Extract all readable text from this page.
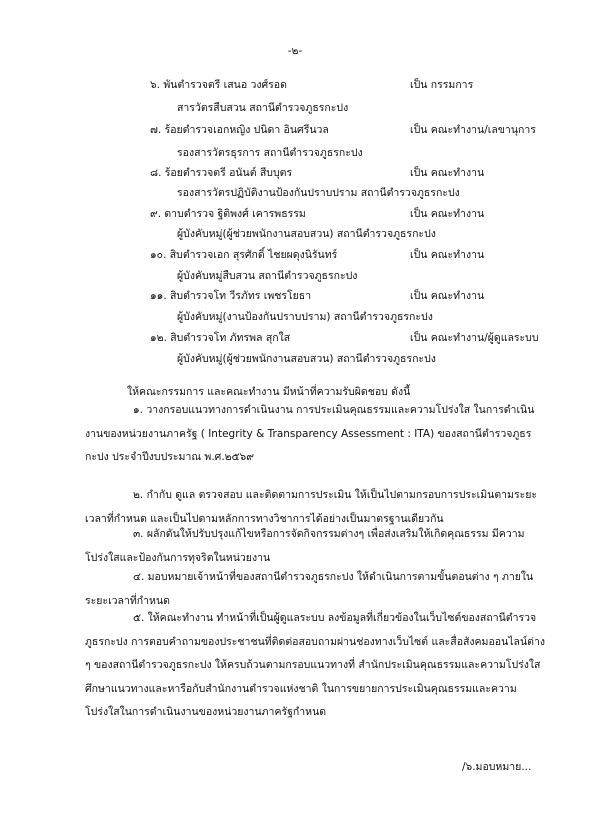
-๒-
๖. พันตำรวจตรี เสนอ วงศ์รอด	เป็น กรรมการ
สารวัตรสืบสวน สถานีตำรวจภูธรกะปง
๗. ร้อยตำรวจเอกหญิง ปนิดา อินศรีนวล	เป็น คณะทำงาน/เลขานุการ
รองสารวัตรธุรการ สถานีตำรวจภูธรกะปง
๘. ร้อยตำรวจตรี อนันต์ สีบบุตร	เป็น คณะทำงาน
รองสารวัตรปฏิบัติงานป้องกันปราบปราม สถานีตำรวจภูธรกะปง
๙. ดาบตำรวจ ฐิติพงศ์ เคารพธรรม	เป็น คณะทำงาน
ผู้บังคับหมู่(ผู้ช่วยพนักงานสอบสวน) สถานีตำรวจภูธรกะปง
๑๐. สิบตำรวจเอก สุรศักดิ์ ไชยผดุงนิรันทร์	เป็น คณะทำงาน
ผู้บังคับหมู่สืบสวน สถานีตำรวจภูธรกะปง
๑๑. สิบตำรวจโท วีรภัทร เพชรโยธา	เป็น คณะทำงาน
ผู้บังคับหมู่(งานป้องกันปราบปราม) สถานีตำรวจภูธรกะปง
๑๒. สิบตำรวจโท ภัทรพล สุกใส	เป็น คณะทำงาน/ผู้ดูแลระบบ
ผู้บังคับหมู่(ผู้ช่วยพนักงานสอบสวน) สถานีตำรวจภูธรกะปง
ให้คณะกรรมการ และคณะทำงาน มีหน้าที่ความรับผิดชอบ ดังนี้
๑. วางกรอบแนวทางการดำเนินงาน การประเมินคุณธรรมและความโปร่งใส ในการดำเนินงานของหน่วยงานภาครัฐ ( Integrity & Transparency Assessment : ITA) ของสถานีตำรวจภูธรกะปง ประจำปีงบประมาณ พ.ศ.๒๕๖๙
๒. กำกับ ดูแล ตรวจสอบ และติดตามการประเมิน ให้เป็นไปตามกรอบการประเมินตามระยะเวลาที่กำหนด และเป็นไปตามหลักการทางวิชาการได้อย่างเป็นมาตรฐานเดียวกัน
๓. ผลักดันให้ปรับปรุงแก้ไขหรือการจัดกิจกรรมต่างๆ เพื่อส่งเสริมให้เกิดคุณธรรม มีความโปร่งใสและป้องกันการทุจริตในหน่วยงาน
๔. มอบหมายเจ้าหน้าที่ของสถานีตำรวจภูธรกะปง ให้ดำเนินการตามขั้นตอนต่าง ๆ ภายในระยะเวลาที่กำหนด
๕. ให้คณะทำงาน ทำหน้าที่เป็นผู้ดูแลระบบ ลงข้อมูลที่เกี่ยวข้องในเว็บไซต์ของสถานีตำรวจภูธรกะปง การตอบคำถามของประชาชนที่ติดต่อสอบถามผ่านช่องทางเว็บไซต์ และสื่อสังคมออนไลน์ต่าง ๆ ของสถานีตำรวจภูธรกะปง ให้ครบถ้วนตามกรอบแนวทางที่ สำนักประเมินคุณธรรมและความโปร่งใส ศึกษาแนวทางและหารือกับสำนักงานตำรวจแห่งชาติ ในการขยายการประเมินคุณธรรมและความโปร่งใสในการดำเนินงานของหน่วยงานภาครัฐกำหนด
/๖.มอบหมาย...
